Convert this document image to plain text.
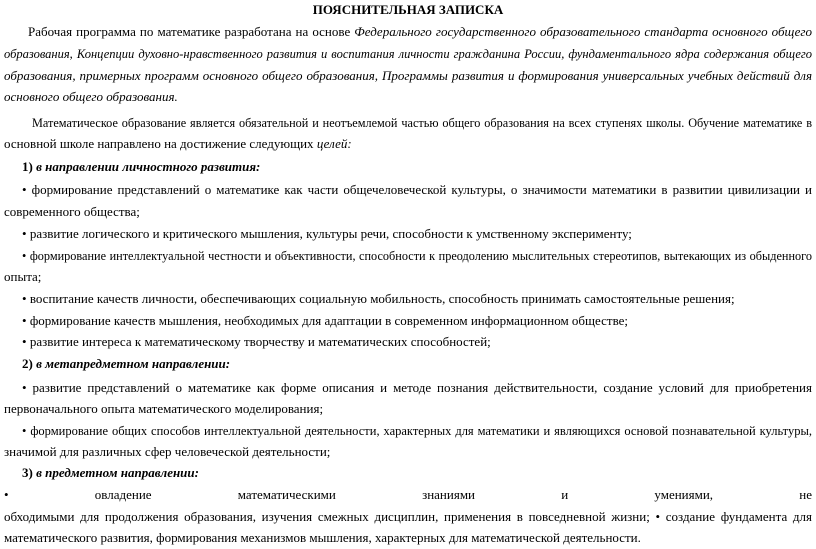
ПОЯСНИТЕЛЬНАЯ ЗАПИСКА
Рабочая программа по математике разработана на основе Федерального государственного образовательного стандарта основного общего
образования, Концепции духовно-нравственного развития и воспитания личности гражданина России, фундаментального ядра содержания общего
образования, примерных программ основного общего образования, Программы развития и формирования универсальных учебных действий для
основного общего образования.
Математическое образование является обязательной и неотъемлемой частью общего образования на всех ступенях школы. Обучение математике в
основной школе направлено на достижение следующих целей:
1) в направлении личностного развития:
• формирование представлений о математике как части общечеловеческой культуры, о значимости математики в развитии цивилизации и
современного общества;
• развитие логического и критического мышления, культуры речи, способности к умственному эксперименту;
• формирование интеллектуальной честности и объективности, способности к преодолению мыслительных стереотипов, вытекающих из обыденного
опыта;
• воспитание качеств личности, обеспечивающих социальную мобильность, способность принимать самостоятельные решения;
• формирование качеств мышления, необходимых для адаптации в современном информационном обществе;
• развитие интереса к математическому творчеству и математических способностей;
2) в метапредметном направлении:
• развитие представлений о математике как форме описания и методе познания действительности, создание условий для приобретения
первоначального опыта математического моделирования;
• формирование общих способов интеллектуальной деятельности, характерных для математики и являющихся основой познавательной культуры,
значимой для различных сфер человеческой деятельности;
3) в предметном направлении:
•	овладение	математическими	знаниями	и	умениями,	не
обходимыми для продолжения образования, изучения смежных дисциплин, применения в повседневной жизни; • создание фундамента для
математического развития, формирования механизмов мышления, характерных для математической деятельности.
